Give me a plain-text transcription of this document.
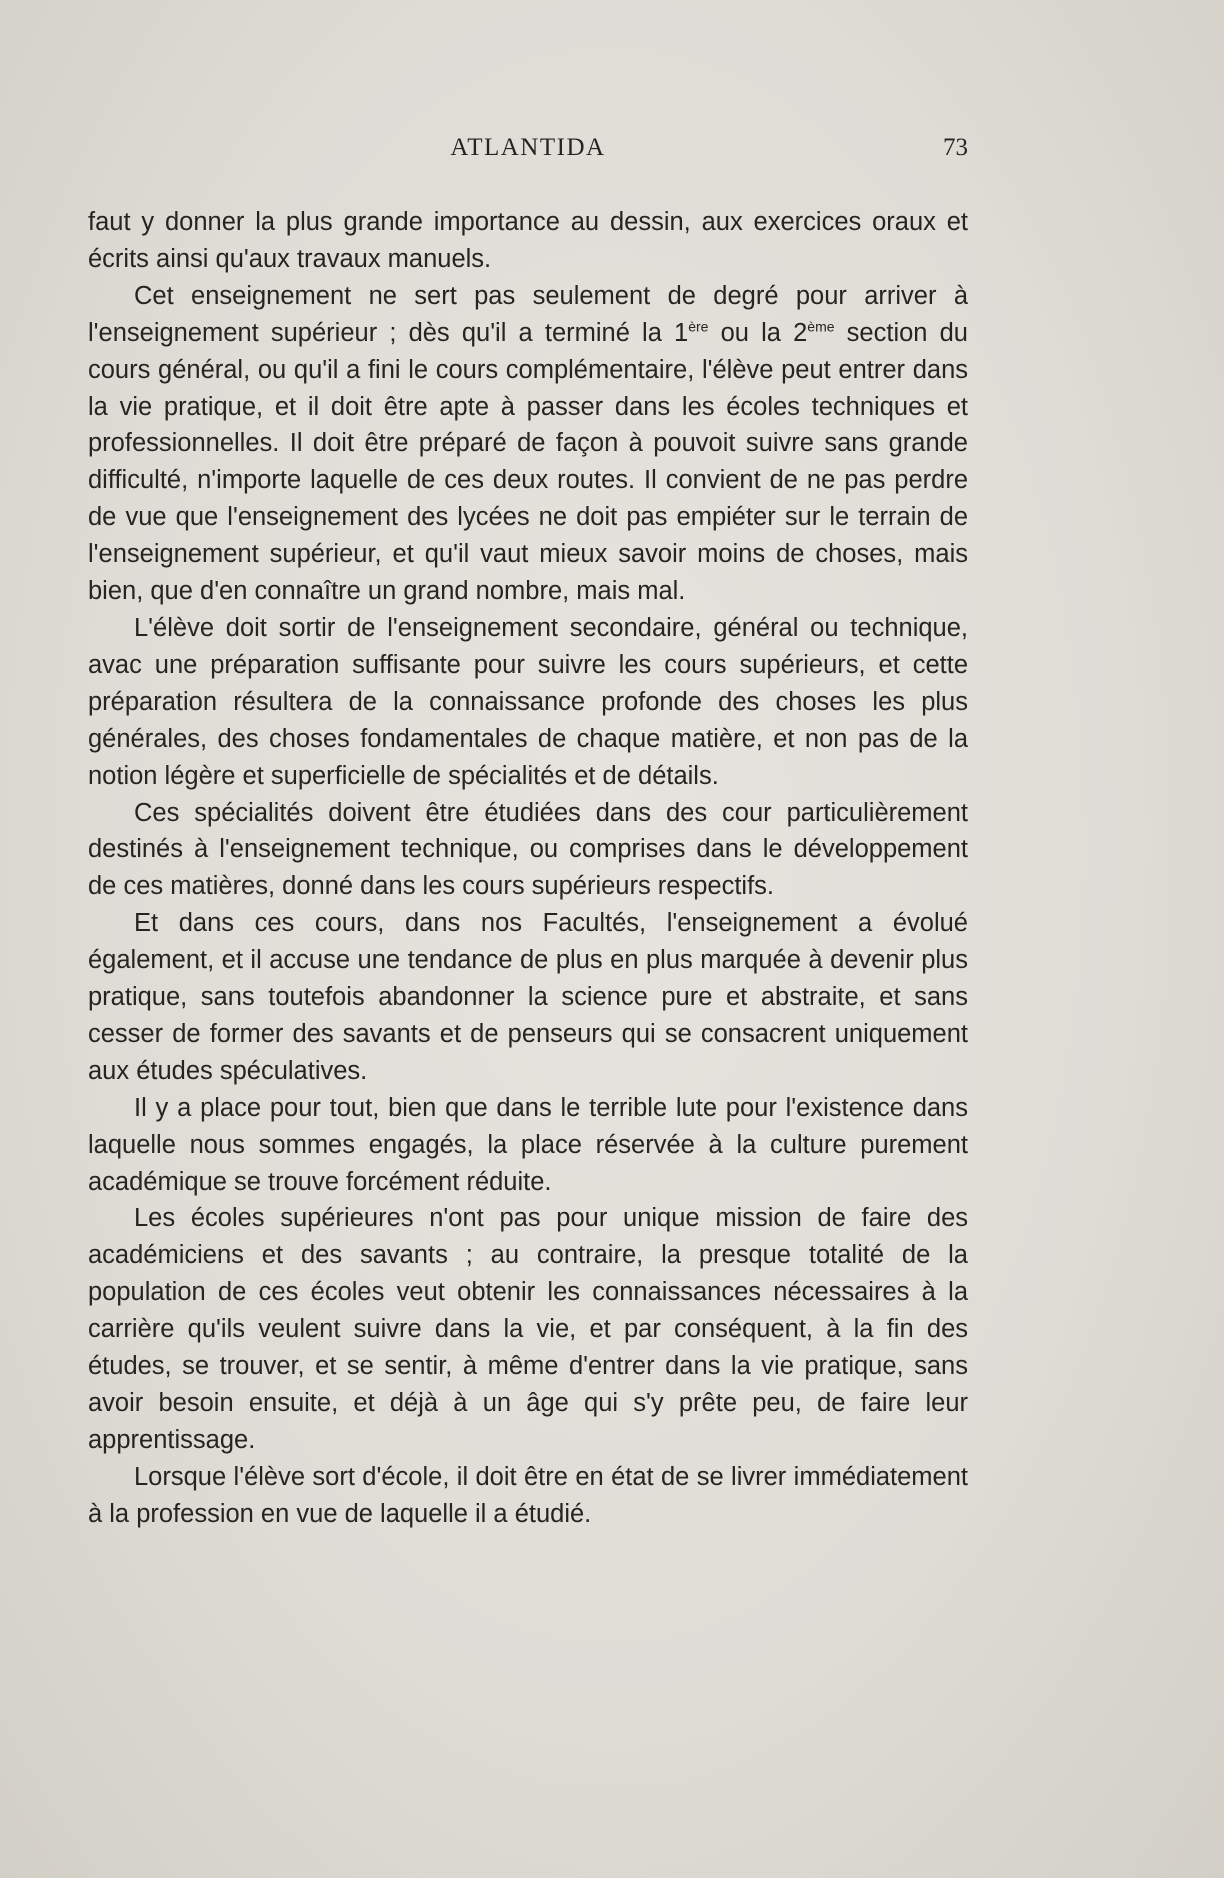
ATLANTIDA	73

faut y donner la plus grande importance au dessin, aux exercices oraux et écrits ainsi qu'aux travaux manuels.

Cet enseignement ne sert pas seulement de degré pour arriver à l'enseignement supérieur ; dès qu'il a terminé la 1ère ou la 2ème section du cours général, ou qu'il a fini le cours complémentaire, l'élève peut entrer dans la vie pratique, et il doit être apte à passer dans les écoles techniques et professionnelles. Il doit être préparé de façon à pouvoit suivre sans grande difficulté, n'importe laquelle de ces deux routes. Il convient de ne pas perdre de vue que l'enseignement des lycées ne doit pas empiéter sur le terrain de l'enseignement supérieur, et qu'il vaut mieux savoir moins de choses, mais bien, que d'en connaître un grand nombre, mais mal.

L'élève doit sortir de l'enseignement secondaire, général ou technique, avac une préparation suffisante pour suivre les cours supérieurs, et cette préparation résultera de la connaissance profonde des choses les plus générales, des choses fondamentales de chaque matière, et non pas de la notion légère et superficielle de spécialités et de détails.

Ces spécialités doivent être étudiées dans des cour particulièrement destinés à l'enseignement technique, ou comprises dans le développement de ces matières, donné dans les cours supérieurs respectifs.

Et dans ces cours, dans nos Facultés, l'enseignement a évolué également, et il accuse une tendance de plus en plus marquée à devenir plus pratique, sans toutefois abandonner la science pure et abstraite, et sans cesser de former des savants et de penseurs qui se consacrent uniquement aux études spéculatives.

Il y a place pour tout, bien que dans le terrible lute pour l'existence dans laquelle nous sommes engagés, la place réservée à la culture purement académique se trouve forcément réduite.

Les écoles supérieures n'ont pas pour unique mission de faire des académiciens et des savants ; au contraire, la presque totalité de la population de ces écoles veut obtenir les connaissances nécessaires à la carrière qu'ils veulent suivre dans la vie, et par conséquent, à la fin des études, se trouver, et se sentir, à même d'entrer dans la vie pratique, sans avoir besoin ensuite, et déjà à un âge qui s'y prête peu, de faire leur apprentissage.

Lorsque l'élève sort d'école, il doit être en état de se livrer immédiatement à la profession en vue de laquelle il a étudié.
